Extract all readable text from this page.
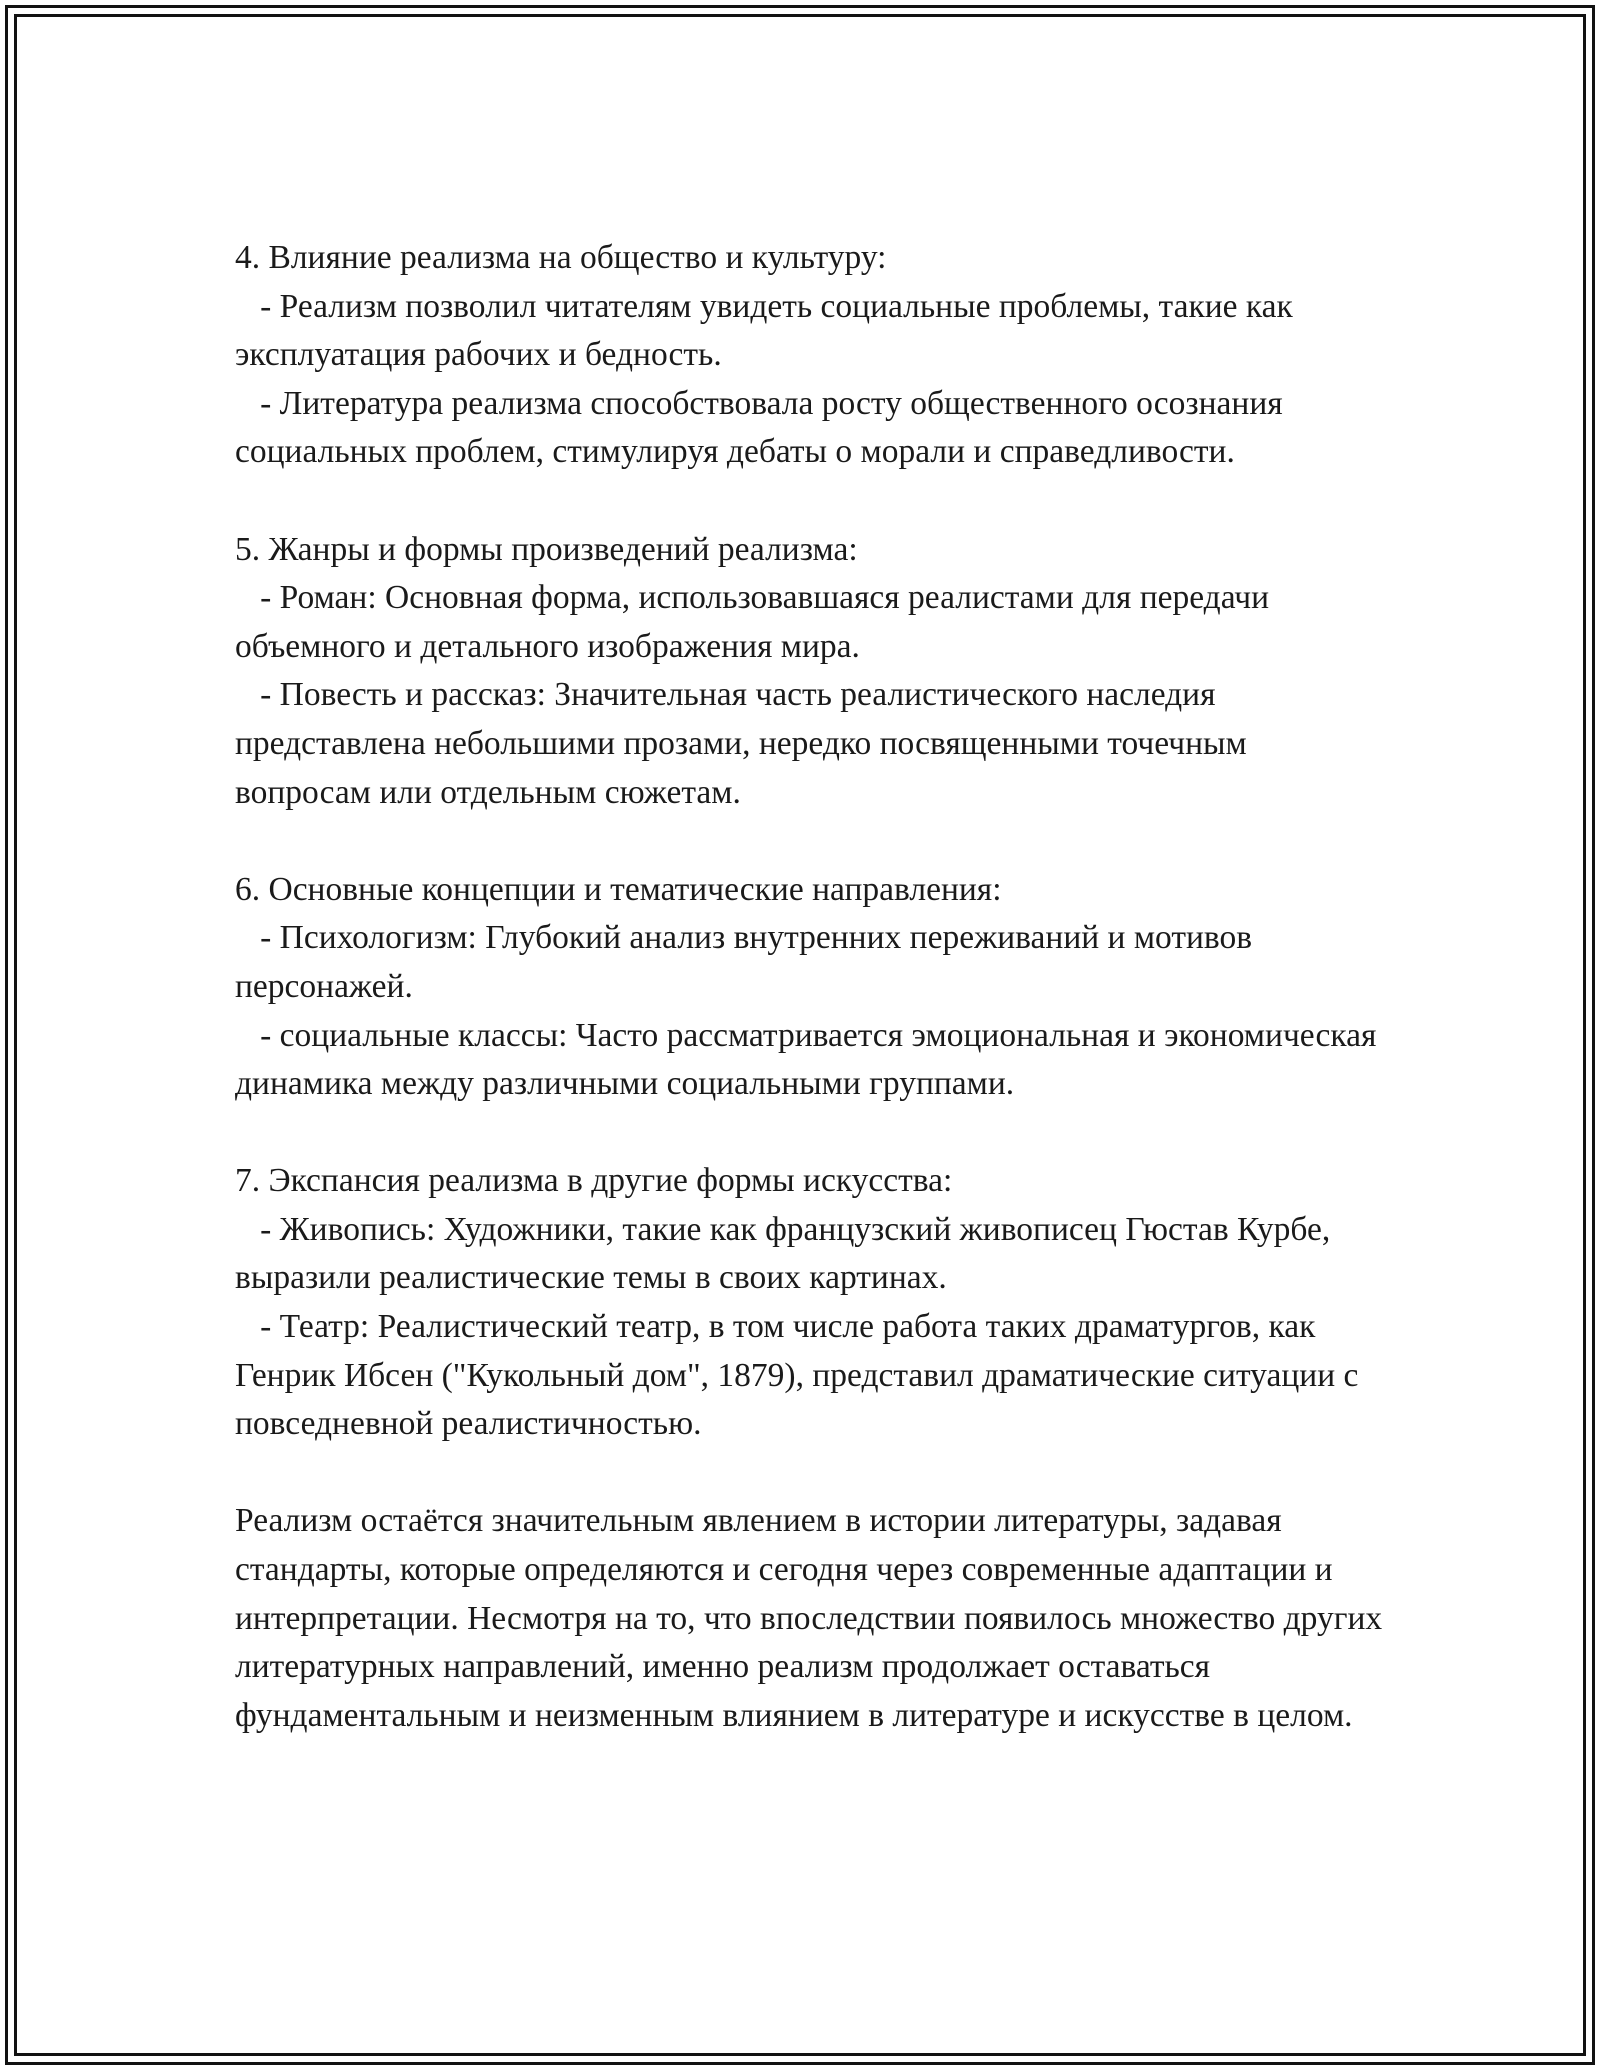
4. Влияние реализма на общество и культуру:

- Реализм позволил читателям увидеть социальные проблемы, такие как эксплуатация рабочих и бедность.

- Литература реализма способствовала росту общественного осознания социальных проблем, стимулируя дебаты о морали и справедливости.

5. Жанры и формы произведений реализма:

- Роман: Основная форма, использовавшаяся реалистами для передачи объемного и детального изображения мира.

- Повесть и рассказ: Значительная часть реалистического наследия представлена небольшими прозами, нередко посвященными точечным вопросам или отдельным сюжетам.

6. Основные концепции и тематические направления:

- Психологизм: Глубокий анализ внутренних переживаний и мотивов персонажей.

- социальные классы: Часто рассматривается эмоциональная и экономическая динамика между различными социальными группами.

7. Экспансия реализма в другие формы искусства:

- Живопись: Художники, такие как французский живописец Гюстав Курбе, выразили реалистические темы в своих картинах.

- Театр: Реалистический театр, в том числе работа таких драматургов, как Генрик Ибсен ("Кукольный дом", 1879), представил драматические ситуации с повседневной реалистичностью.

Реализм остаётся значительным явлением в истории литературы, задавая стандарты, которые определяются и сегодня через современные адаптации и интерпретации. Несмотря на то, что впоследствии появилось множество других литературных направлений, именно реализм продолжает оставаться фундаментальным и неизменным влиянием в литературе и искусстве в целом.
